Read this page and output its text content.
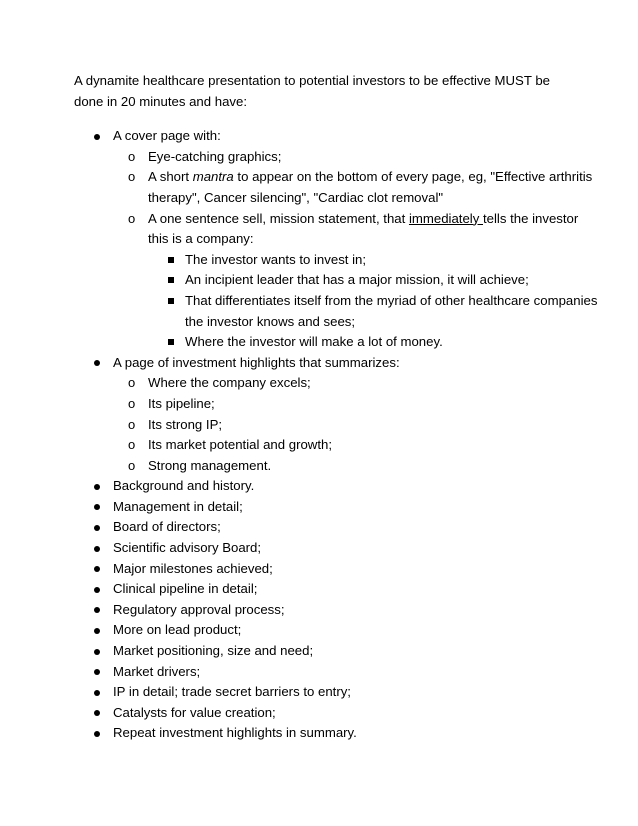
A dynamite healthcare presentation to potential investors to be effective MUST be done in 20 minutes and have:

A cover page with:
o Eye-catching graphics;
o A short mantra to appear on the bottom of every page, eg, "Effective arthritis therapy", Cancer silencing", "Cardiac clot removal"
o A one sentence sell, mission statement, that immediately tells the investor this is a company:
The investor wants to invest in;
An incipient leader that has a major mission, it will achieve;
That differentiates itself from the myriad of other healthcare companies the investor knows and sees;
Where the investor will make a lot of money.
A page of investment highlights that summarizes:
o Where the company excels;
o Its pipeline;
o Its strong IP;
o Its market potential and growth;
o Strong management.
Background and history.
Management in detail;
Board of directors;
Scientific advisory Board;
Major milestones achieved;
Clinical pipeline in detail;
Regulatory approval process;
More on lead product;
Market positioning, size and need;
Market drivers;
IP in detail; trade secret barriers to entry;
Catalysts for value creation;
Repeat investment highlights in summary.
